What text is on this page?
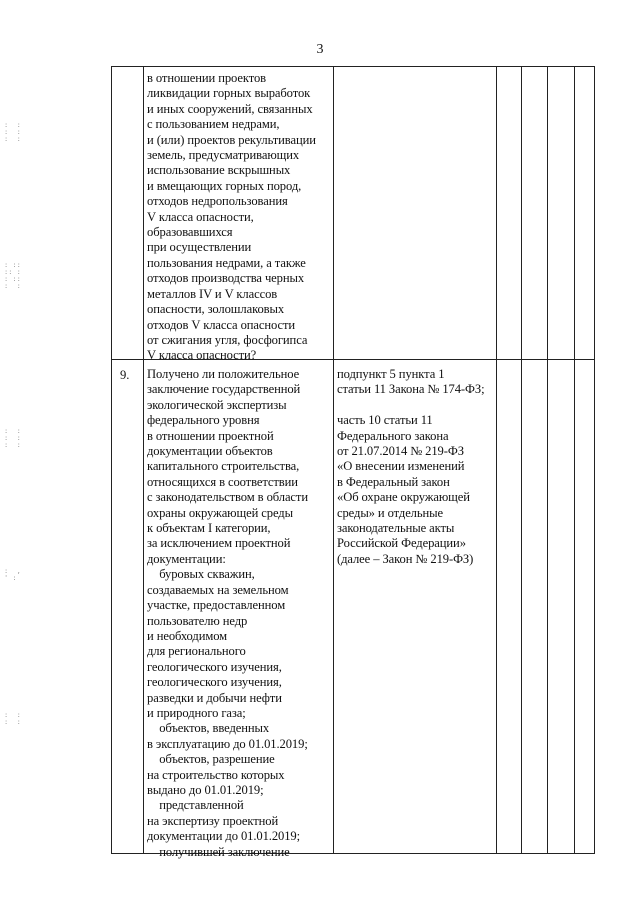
3
:  :
:  :
:  :
: ::
:: :
: ::
:  :
:  :
:  :
:  :
:  ,
' :
:  :
:  :
в отношении проектов
ликвидации горных выработок
и иных сооружений, связанных
с пользованием недрами,
и (или) проектов рекультивации
земель, предусматривающих
использование вскрышных
и вмещающих горных пород,
отходов недропользования
V класса опасности,
образовавшихся
при осуществлении
пользования недрами, а также
отходов производства черных
металлов IV и V классов
опасности, золошлаковых
отходов V класса опасности
от сжигания угля, фосфогипса
V класса опасности?
9. Получено ли положительное
заключение государственной
экологической экспертизы
федерального уровня
в отношении проектной
документации объектов
капитального строительства,
относящихся в соответствии
с законодательством в области
охраны окружающей среды
к объектам I категории,
за исключением проектной
документации:
буровых скважин,
создаваемых на земельном
участке, предоставленном
пользователю недр
и необходимом
для регионального
геологического изучения,
геологического изучения,
разведки и добычи нефти
и природного газа;
объектов, введенных
в эксплуатацию до 01.01.2019;
объектов, разрешение
на строительство которых
выдано до 01.01.2019;
представленной
на экспертизу проектной
документации до 01.01.2019;
получившей заключение
подпункт 5 пункта 1
статьи 11 Закона № 174-ФЗ;

часть 10 статьи 11
Федерального закона
от 21.07.2014 № 219-ФЗ
«О внесении изменений
в Федеральный закон
«Об охране окружающей
среды» и отдельные
законодательные акты
Российской Федерации»
(далее – Закон № 219-ФЗ)
